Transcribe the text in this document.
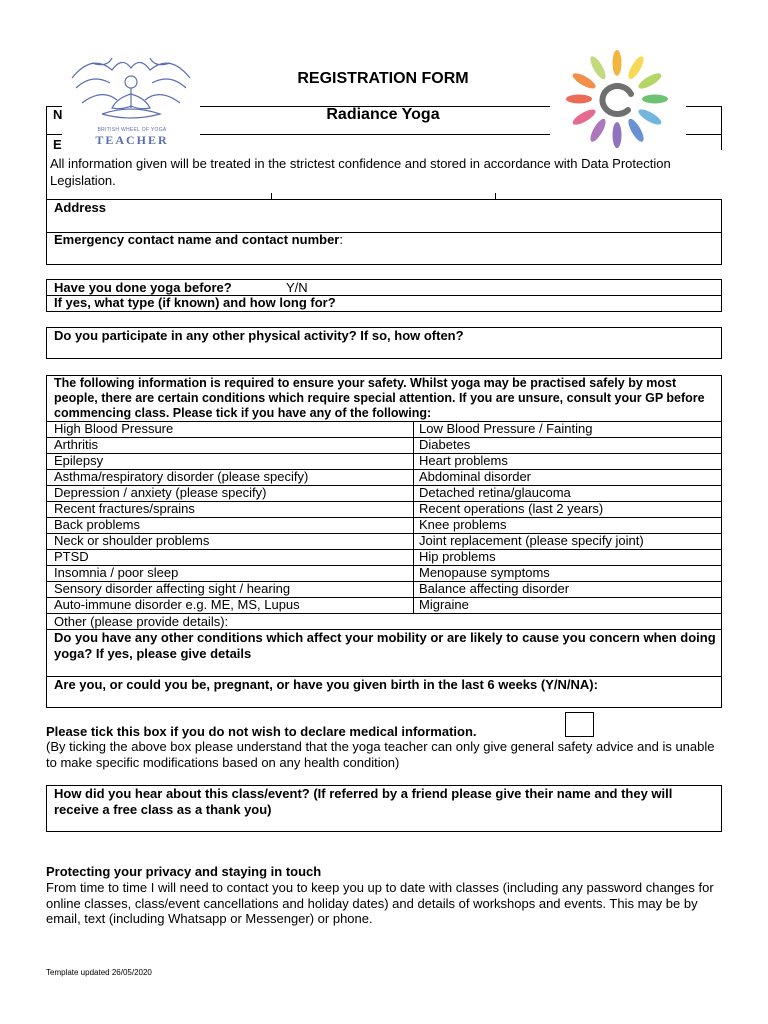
BRITISH WHEEL OF YOGA
TEACHER
REGISTRATION FORM
Radiance Yoga
N
E
All information given will be treated in the strictest confidence and stored in accordance with Data Protection Legislation.
Address
Emergency contact name and contact number:
Have you done yoga before?	Y/N
If yes, what type (if known) and how long for?
Do you participate in any other physical activity? If so, how often?
The following information is required to ensure your safety. Whilst yoga may be practised safely by most people, there are certain conditions which require special attention. If you are unsure, consult your GP before commencing class. Please tick if you have any of the following:
High Blood Pressure	Low Blood Pressure / Fainting
Arthritis	Diabetes
Epilepsy	Heart problems
Asthma/respiratory disorder (please specify)	Abdominal disorder
Depression / anxiety (please specify)	Detached retina/glaucoma
Recent fractures/sprains	Recent operations (last 2 years)
Back problems	Knee problems
Neck or shoulder problems	Joint replacement (please specify joint)
PTSD	Hip problems
Insomnia / poor sleep	Menopause symptoms
Sensory disorder affecting sight / hearing	Balance affecting disorder
Auto-immune disorder e.g. ME, MS, Lupus	Migraine
Other (please provide details):
Do you have any other conditions which affect your mobility or are likely to cause you concern when doing yoga? If yes, please give details
Are you, or could you be, pregnant, or have you given birth in the last 6 weeks (Y/N/NA):
Please tick this box if you do not wish to declare medical information.
(By ticking the above box please understand that the yoga teacher can only give general safety advice and is unable to make specific modifications based on any health condition)
How did you hear about this class/event? (If referred by a friend please give their name and they will receive a free class as a thank you)
Protecting your privacy and staying in touch
From time to time I will need to contact you to keep you up to date with classes (including any password changes for online classes, class/event cancellations and holiday dates) and details of workshops and events. This may be by email, text (including Whatsapp or Messenger) or phone.
Template updated 26/05/2020
